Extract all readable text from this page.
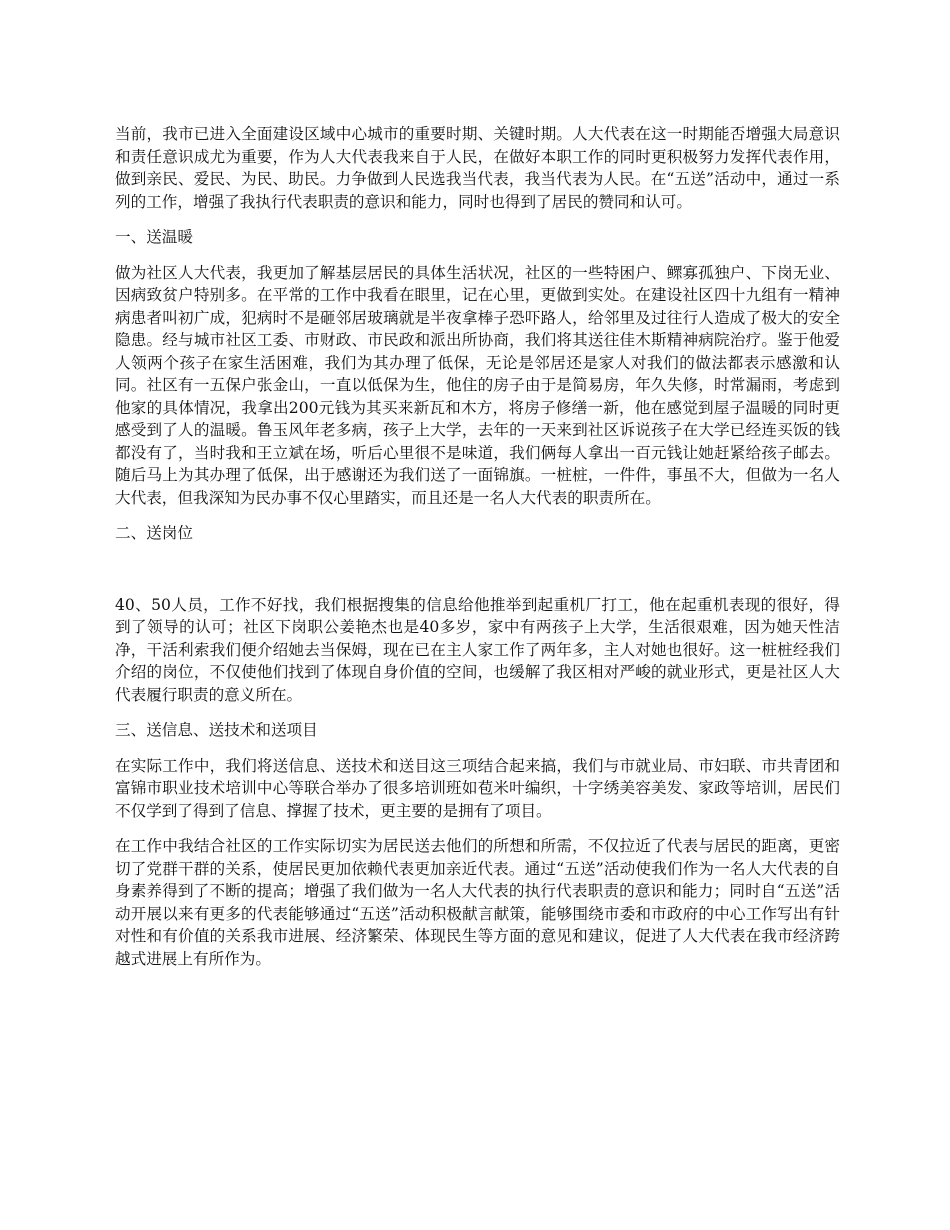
当前，我市已进入全面建设区域中心城市的重要时期、关键时期。人大代表在这一时期能否增强大局意识和责任意识成尤为重要，作为人大代表我来自于人民，在做好本职工作的同时更积极努力发挥代表作用，做到亲民、爱民、为民、助民。力争做到人民选我当代表，我当代表为人民。在“五送”活动中，通过一系列的工作，增强了我执行代表职责的意识和能力，同时也得到了居民的赞同和认可。

一、送温暖

做为社区人大代表，我更加了解基层居民的具体生活状况，社区的一些特困户、鳏寡孤独户、下岗无业、因病致贫户特别多。在平常的工作中我看在眼里，记在心里，更做到实处。在建设社区四十九组有一精神病患者叫初广成，犯病时不是砸邻居玻璃就是半夜拿棒子恐吓路人，给邻里及过往行人造成了极大的安全隐患。经与城市社区工委、市财政、市民政和派出所协商，我们将其送往佳木斯精神病院治疗。鉴于他爱人领两个孩子在家生活困难，我们为其办理了低保，无论是邻居还是家人对我们的做法都表示感激和认同。社区有一五保户张金山，一直以低保为生，他住的房子由于是简易房，年久失修，时常漏雨，考虑到他家的具体情况，我拿出200元钱为其买来新瓦和木方，将房子修缮一新，他在感觉到屋子温暖的同时更感受到了人的温暖。鲁玉风年老多病，孩子上大学，去年的一天来到社区诉说孩子在大学已经连买饭的钱都没有了，当时我和王立斌在场，听后心里很不是味道，我们俩每人拿出一百元钱让她赶紧给孩子邮去。随后马上为其办理了低保，出于感谢还为我们送了一面锦旗。一桩桩，一件件，事虽不大，但做为一名人大代表，但我深知为民办事不仅心里踏实，而且还是一名人大代表的职责所在。

二、送岗位

40、50人员，工作不好找，我们根据搜集的信息给他推举到起重机厂打工，他在起重机表现的很好，得到了领导的认可；社区下岗职公姜艳杰也是40多岁，家中有两孩子上大学，生活很艰难，因为她天性洁净，干活利索我们便介绍她去当保姆，现在已在主人家工作了两年多，主人对她也很好。这一桩桩经我们介绍的岗位，不仅使他们找到了体现自身价值的空间，也缓解了我区相对严峻的就业形式，更是社区人大代表履行职责的意义所在。

三、送信息、送技术和送项目

在实际工作中，我们将送信息、送技术和送目这三项结合起来搞，我们与市就业局、市妇联、市共青团和富锦市职业技术培训中心等联合举办了很多培训班如苞米叶编织，十字绣美容美发、家政等培训，居民们不仅学到了得到了信息、撑握了技术，更主要的是拥有了项目。

在工作中我结合社区的工作实际切实为居民送去他们的所想和所需，不仅拉近了代表与居民的距离，更密切了党群干群的关系，使居民更加依赖代表更加亲近代表。通过“五送”活动使我们作为一名人大代表的自身素养得到了不断的提高；增强了我们做为一名人大代表的执行代表职责的意识和能力；同时自“五送”活动开展以来有更多的代表能够通过“五送”活动积极献言献策，能够围绕市委和市政府的中心工作写出有针对性和有价值的关系我市进展、经济繁荣、体现民生等方面的意见和建议，促进了人大代表在我市经济跨越式进展上有所作为。
